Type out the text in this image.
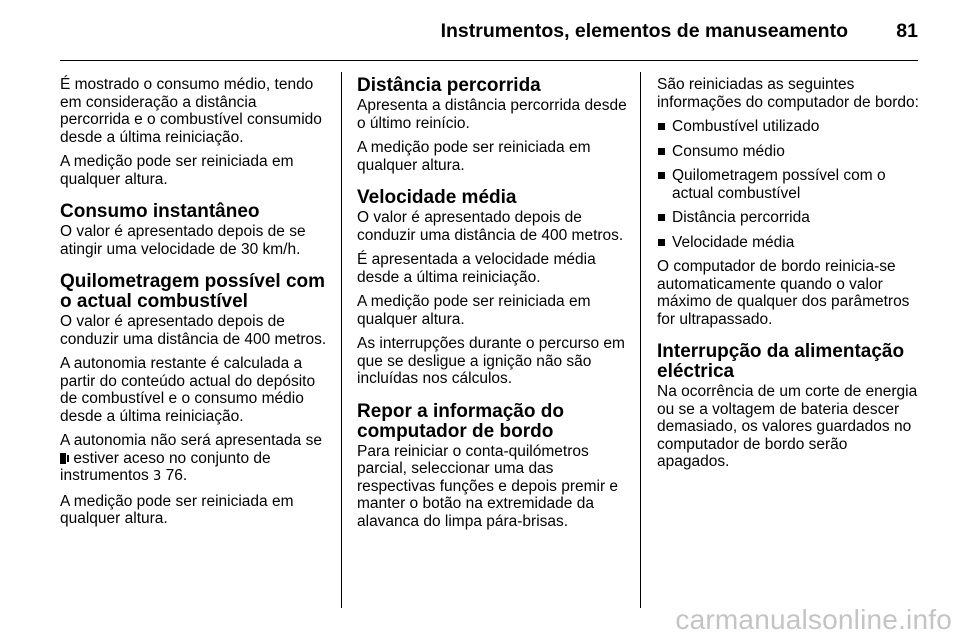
Instrumentos, elementos de manuseamento 81

É mostrado o consumo médio, tendo em consideração a distância percorrida e o combustível consumido desde a última reiniciação.

A medição pode ser reiniciada em qualquer altura.

Consumo instantâneo

O valor é apresentado depois de se atingir uma velocidade de 30 km/h.

Quilometragem possível com o actual combustível

O valor é apresentado depois de conduzir uma distância de 400 metros.

A autonomia restante é calculada a partir do conteúdo actual do depósito de combustível e o consumo médio desde a última reiniciação.

A autonomia não será apresentada se  estiver aceso no conjunto de instrumentos 3 76.

A medição pode ser reiniciada em qualquer altura.

Distância percorrida

Apresenta a distância percorrida desde o último reinício.

A medição pode ser reiniciada em qualquer altura.

Velocidade média

O valor é apresentado depois de conduzir uma distância de 400 metros.

É apresentada a velocidade média desde a última reiniciação.

A medição pode ser reiniciada em qualquer altura.

As interrupções durante o percurso em que se desligue a ignição não são incluídas nos cálculos.

Repor a informação do computador de bordo

Para reiniciar o conta-quilómetros parcial, seleccionar uma das respectivas funções e depois premir e manter o botão na extremidade da alavanca do limpa pára-brisas.

São reiniciadas as seguintes informações do computador de bordo:

Combustível utilizado
Consumo médio
Quilometragem possível com o actual combustível
Distância percorrida
Velocidade média

O computador de bordo reinicia-se automaticamente quando o valor máximo de qualquer dos parâmetros for ultrapassado.

Interrupção da alimentação eléctrica

Na ocorrência de um corte de energia ou se a voltagem de bateria descer demasiado, os valores guardados no computador de bordo serão apagados.

carmanualsonline.info
